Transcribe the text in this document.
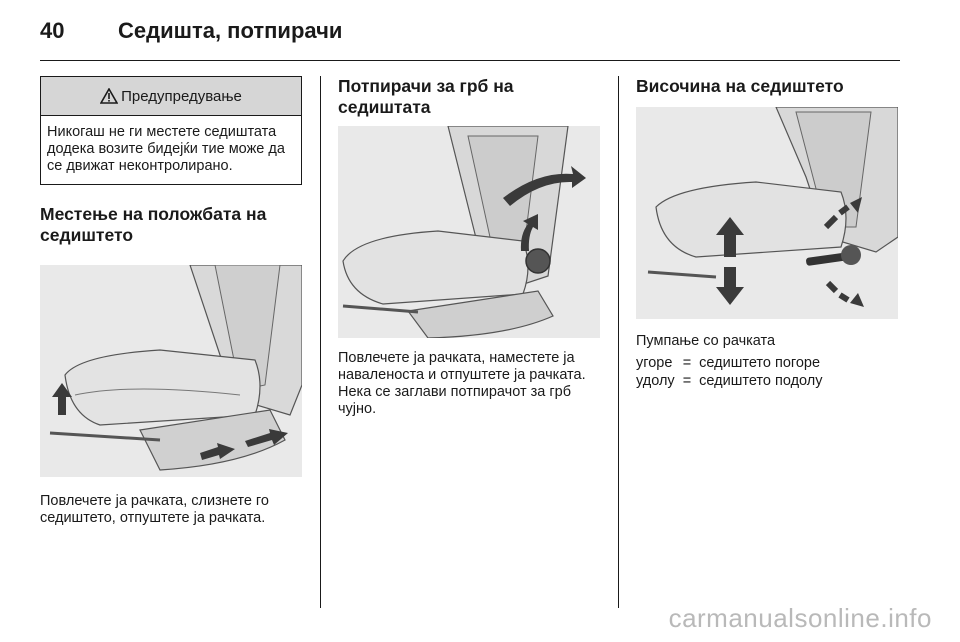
40 Седишта, потпирачи
Предупредување
Никогаш не ги местете седиштата додека возите бидејќи тие може да се движат неконтролирано.
Местење на положбата на седиштето

Повлечете ја рачката, слизнете го седиштето, отпуштете ја рачката.

Потпирачи за грб на седиштата

Повлечете ја рачката, наместете ја наваленоста и отпуштете ја рачката. Нека се заглави потпирачот за грб чујно.

Височина на седиштето

Пумпање со рачката

угоре	=	седиштето погоре
удолу	=	седиштето подолу
carmanualsonline.info
